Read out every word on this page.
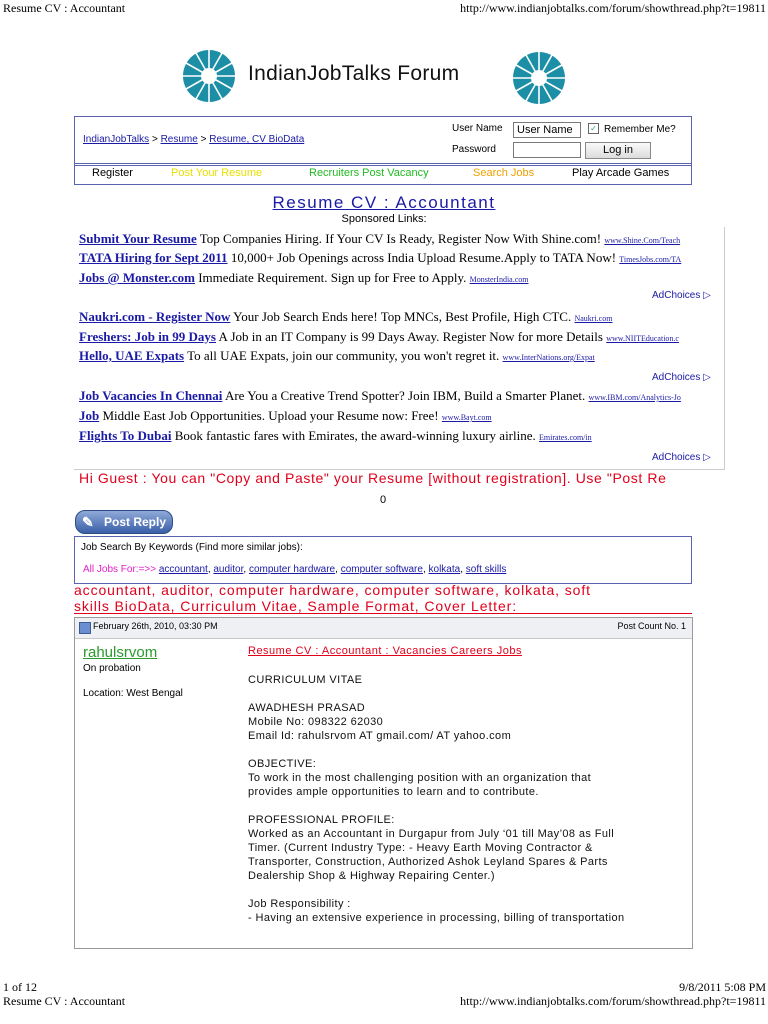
Resume CV : Accountant	http://www.indianjobtalks.com/forum/showthread.php?t=19811
IndianJobTalks Forum
IndianJobTalks > Resume > Resume, CV BioData
User Name
User Name	✓ Remember Me?
Password	Log in
Register	Post Your Resume	Recruiters Post Vacancy	Search Jobs	Play Arcade Games
Resume CV : Accountant
Sponsored Links:
Submit Your Resume Top Companies Hiring. If Your CV Is Ready, Register Now With Shine.com! www.Shine.Com/Teach
TATA Hiring for Sept 2011 10,000+ Job Openings across India Upload Resume.Apply to TATA Now! TimesJobs.com/TA
Jobs @ Monster.com Immediate Requirement. Sign up for Free to Apply. MonsterIndia.com
Naukri.com - Register Now Your Job Search Ends here! Top MNCs, Best Profile, High CTC. Naukri.com
Freshers: Job in 99 Days A Job in an IT Company is 99 Days Away. Register Now for more Details www.NIITEducation.c
Hello, UAE Expats To all UAE Expats, join our community, you won't regret it. www.InterNations.org/Expat
Job Vacancies In Chennai Are You a Creative Trend Spotter? Join IBM, Build a Smarter Planet. www.IBM.com/Analytics-Jo
Job Middle East Job Opportunities. Upload your Resume now: Free! www.Bayt.com
Flights To Dubai Book fantastic fares with Emirates, the award-winning luxury airline. Emirates.com/in
AdChoices ▷
AdChoices ▷
AdChoices ▷
Hi Guest : You can "Copy and Paste" your Resume [without registration]. Use "Post Re
0
✎ Post Reply
Job Search By Keywords (Find more similar jobs):
All Jobs For:=>> accountant, auditor, computer hardware, computer software, kolkata, soft skills
accountant, auditor, computer hardware, computer software, kolkata, soft
skills BioData, Curriculum Vitae, Sample Format, Cover Letter:
February 26th, 2010, 03:30 PM	Post Count No. 1
rahulsrvom
On probation
Location: West Bengal
Resume CV : Accountant : Vacancies Careers Jobs
CURRICULUM VITAE
AWADHESH PRASAD
Mobile No: 098322 62030
Email Id: rahulsrvom AT gmail.com/ AT yahoo.com
OBJECTIVE:
To work in the most challenging position with an organization that
provides ample opportunities to learn and to contribute.
PROFESSIONAL PROFILE:
Worked as an Accountant in Durgapur from July ‘01 till May’08 as Full
Timer. (Current Industry Type: - Heavy Earth Moving Contractor &
Transporter, Construction, Authorized Ashok Leyland Spares & Parts
Dealership Shop & Highway Repairing Center.)
Job Responsibility :
- Having an extensive experience in processing, billing of transportation
1 of 12	9/8/2011 5:08 PM
Resume CV : Accountant	http://www.indianjobtalks.com/forum/showthread.php?t=19811
